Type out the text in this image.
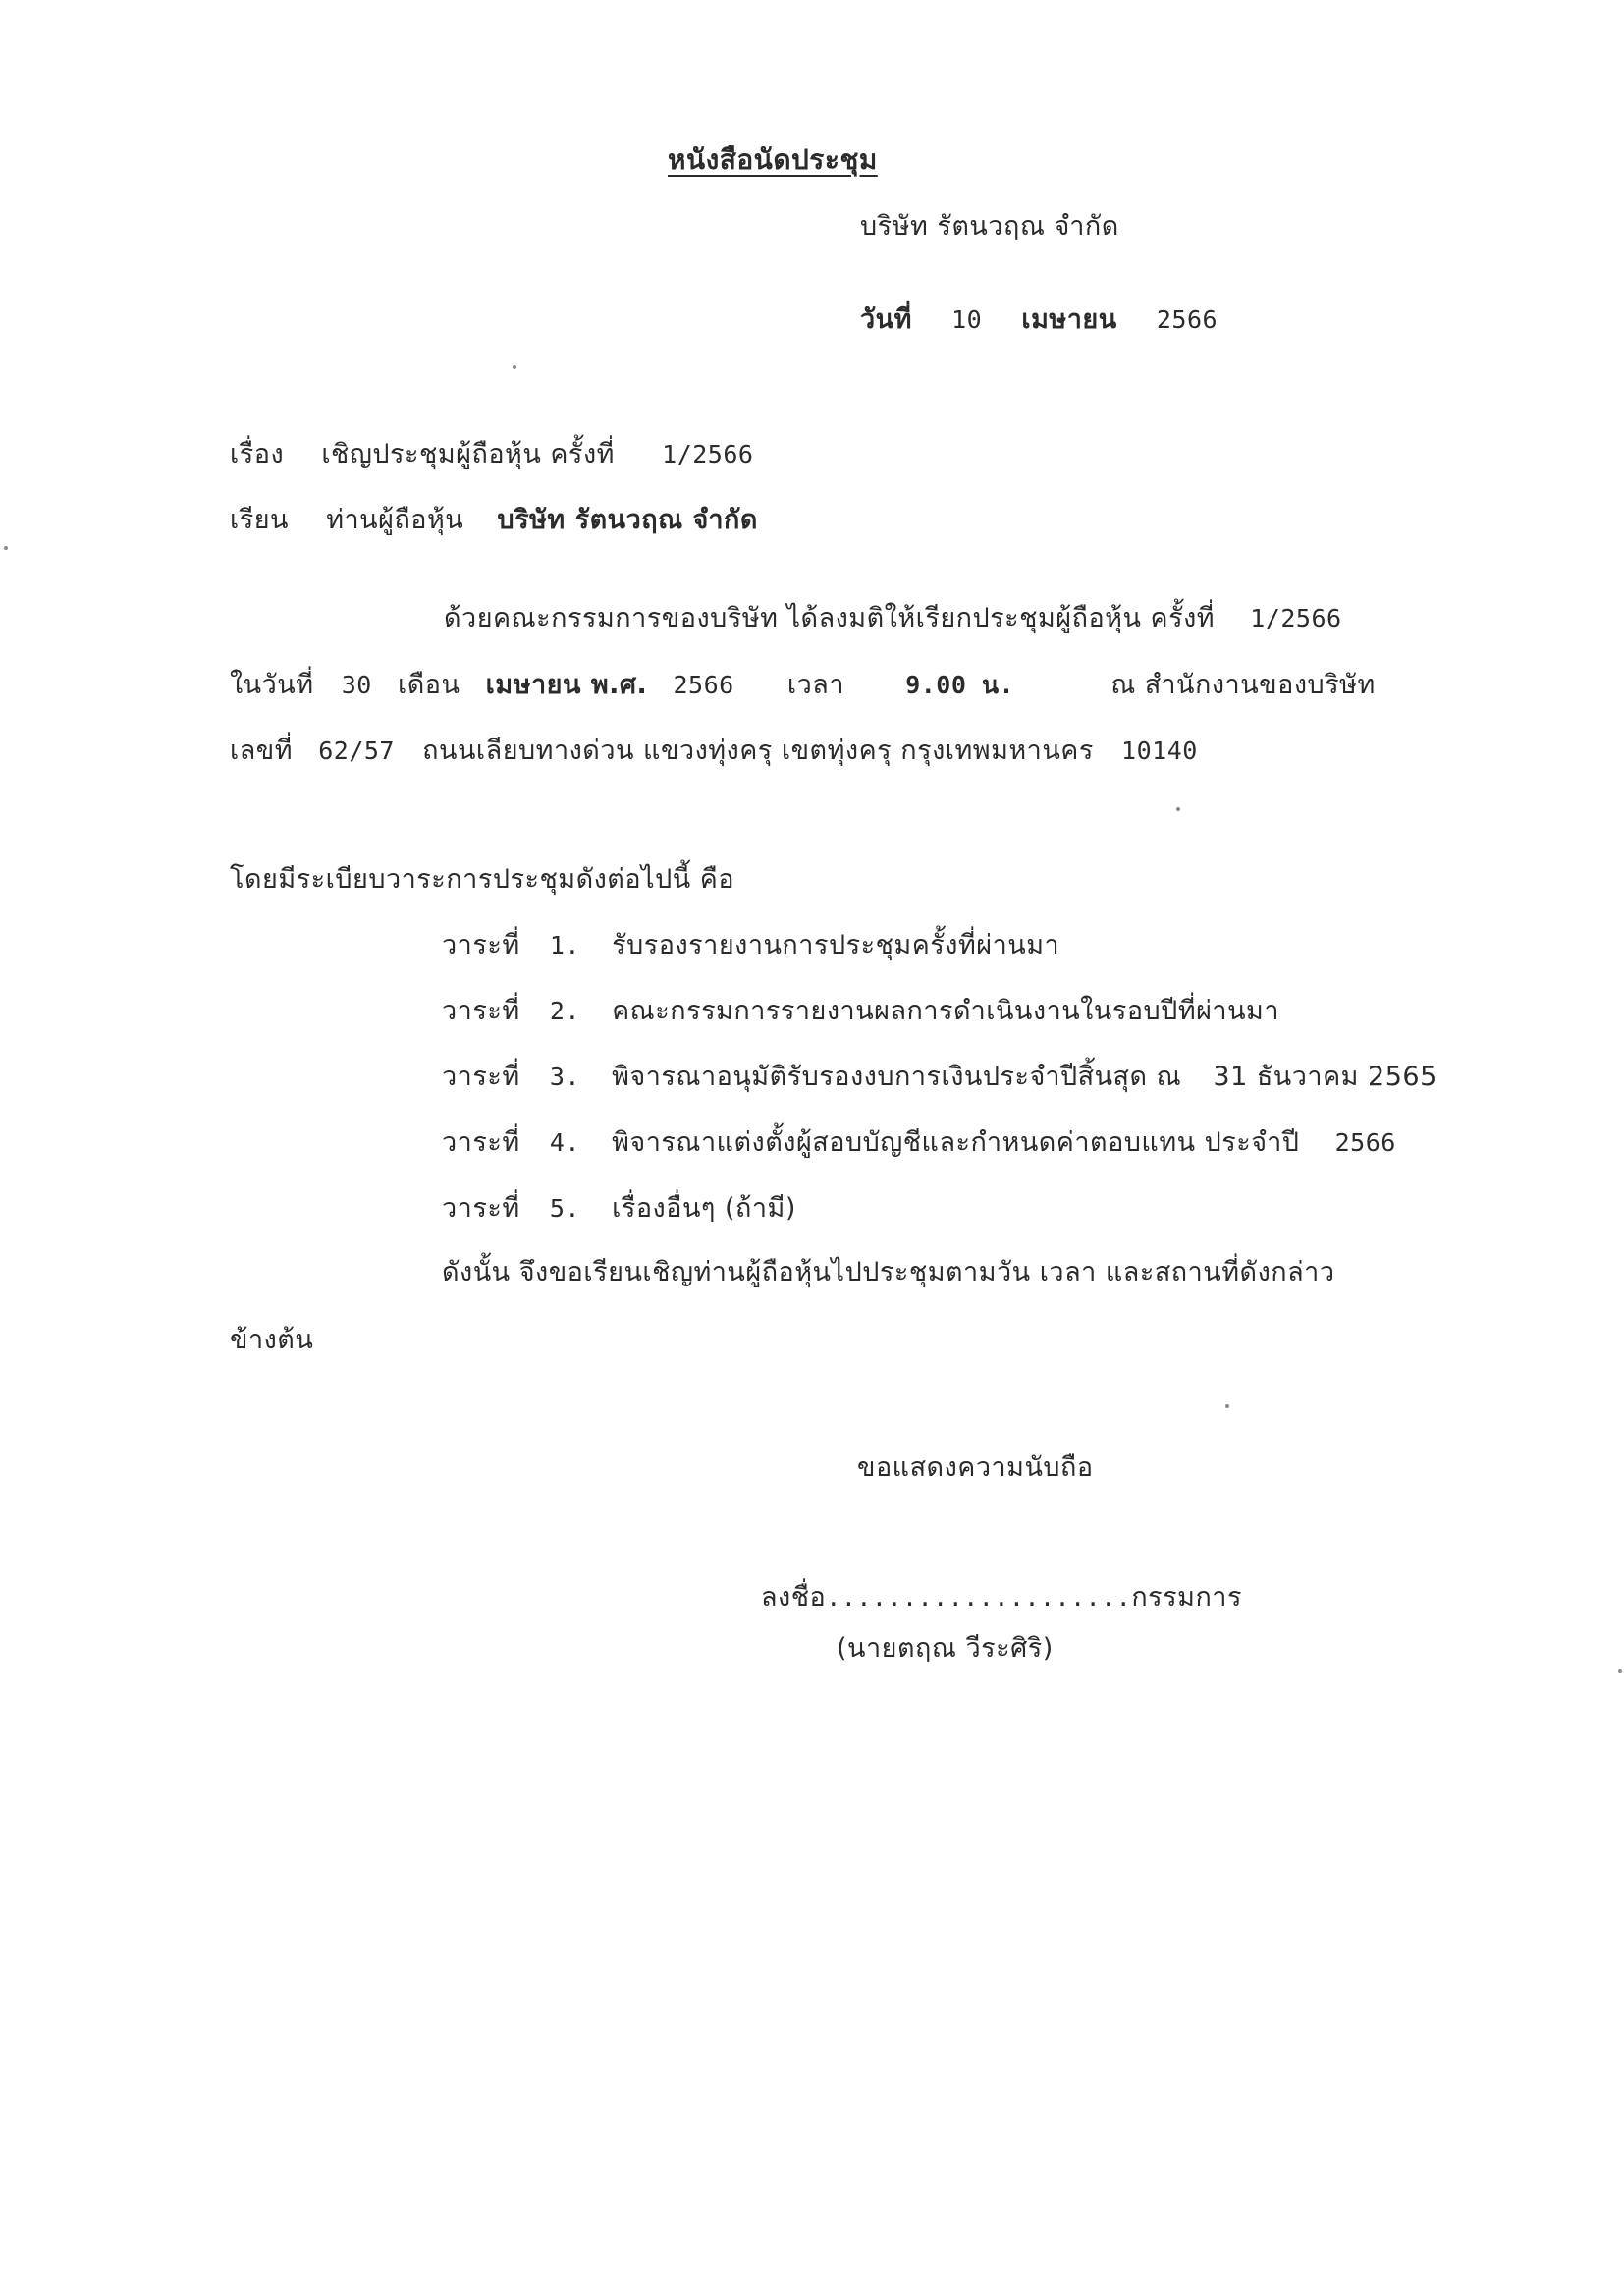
หนังสือนัดประชุม
บริษัท รัตนวฤณ จำกัด
วันที่ 10 เมษายน 2566
เรื่อง เชิญประชุมผู้ถือหุ้น ครั้งที่ 1/2566
เรียน ท่านผู้ถือหุ้น บริษัท รัตนวฤณ จำกัด
ด้วยคณะกรรมการของบริษัท ได้ลงมติให้เรียกประชุมผู้ถือหุ้น ครั้งที่ 1/2566
ในวันที่ 30 เดือน เมษายน พ.ศ. 2566 เวลา 9.00 น.	ณ สำนักงานของบริษัท
เลขที่ 62/57 ถนนเลียบทางด่วน แขวงทุ่งครุ เขตทุ่งครุ กรุงเทพมหานคร 10140
โดยมีระเบียบวาระการประชุมดังต่อไปนี้ คือ
วาระที่ 1. รับรองรายงานการประชุมครั้งที่ผ่านมา
วาระที่ 2. คณะกรรมการรายงานผลการดำเนินงานในรอบปีที่ผ่านมา
วาระที่ 3. พิจารณาอนุมัติรับรองงบการเงินประจำปีสิ้นสุด ณ 31 ธันวาคม 2565
วาระที่ 4. พิจารณาแต่งตั้งผู้สอบบัญชีและกำหนดค่าตอบแทน ประจำปี 2566
วาระที่ 5. เรื่องอื่นๆ (ถ้ามี)
ดังนั้น จึงขอเรียนเชิญท่านผู้ถือหุ้นไปประชุมตามวัน เวลา และสถานที่ดังกล่าว
ข้างต้น
ขอแสดงความนับถือ
ลงชื่อ....................กรรมการ
(นายตฤณ วีระศิริ)
